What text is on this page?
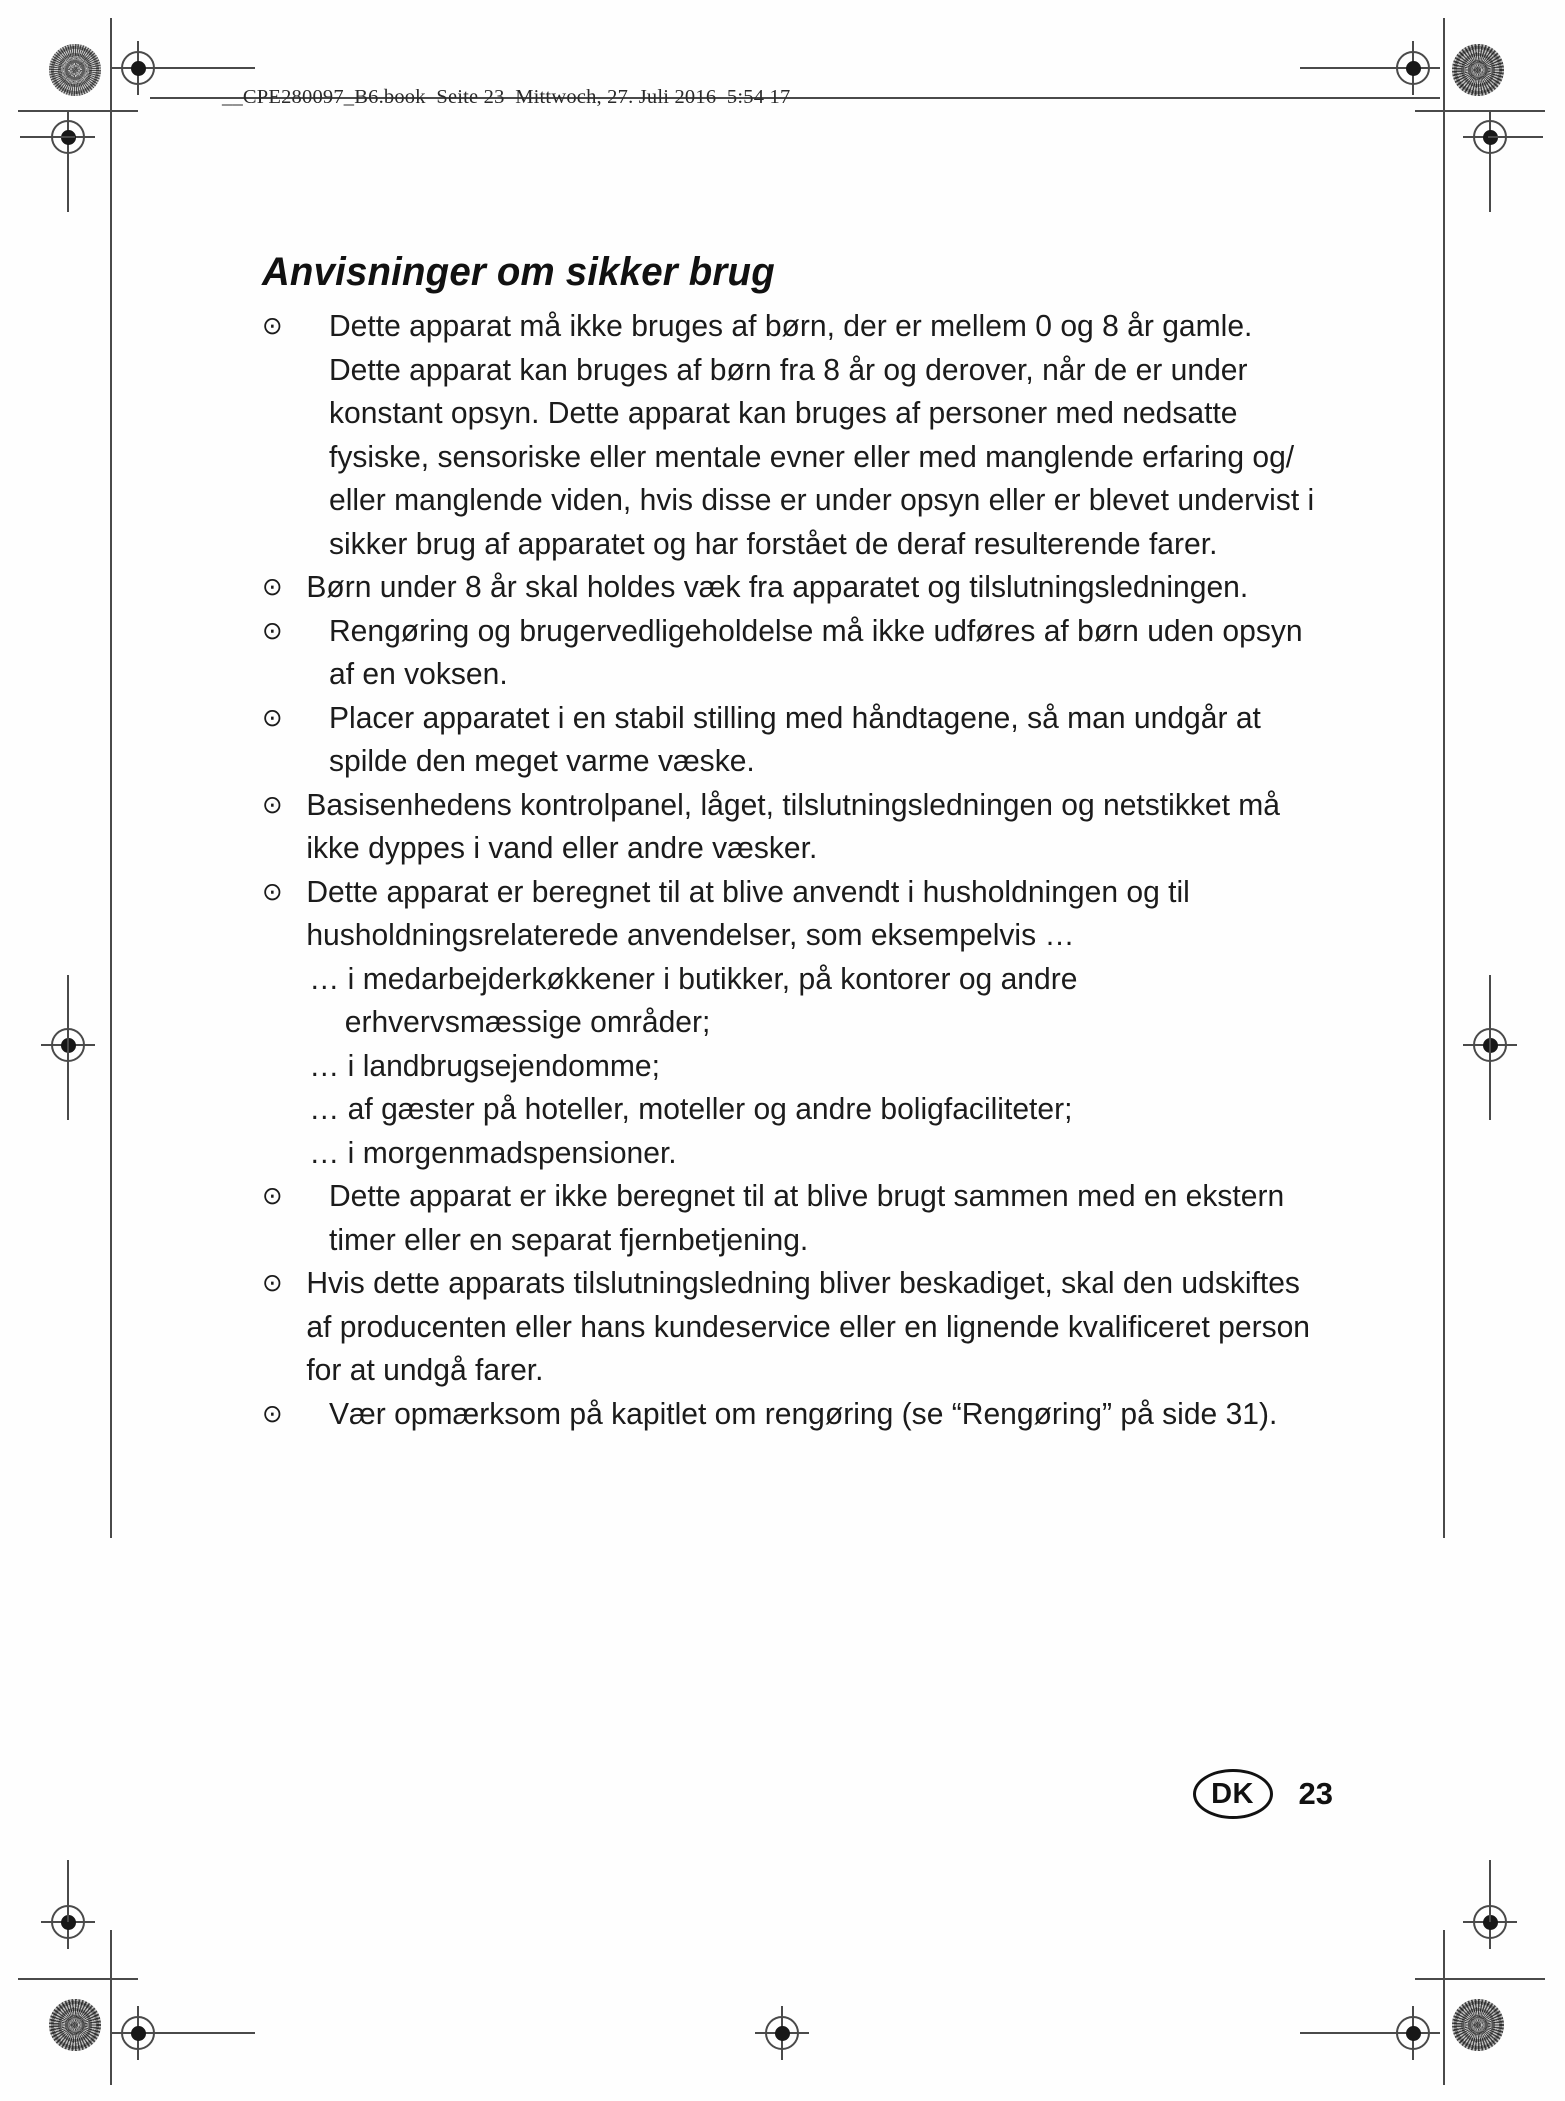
__CPE280097_B6.book  Seite 23  Mittwoch, 27. Juli 2016  5:54 17
Anvisninger om sikker brug
⊙	Dette apparat må ikke bruges af børn, der er mellem 0 og 8 år gamle. Dette apparat kan bruges af børn fra 8 år og derover, når de er under konstant opsyn. Dette apparat kan bruges af personer med nedsatte fysiske, sensoriske eller mentale evner eller med manglende erfaring og/ eller manglende viden, hvis disse er under opsyn eller er blevet undervist i sikker brug af apparatet og har forstået de deraf resulterende farer.
⊙ Børn under 8 år skal holdes væk fra apparatet og tilslutningsledningen.
⊙	Rengøring og brugervedligeholdelse må ikke udføres af børn uden opsyn af en voksen.
⊙	Placer apparatet i en stabil stilling med håndtagene, så man undgår at spilde den meget varme væske.
⊙ Basisenhedens kontrolpanel, låget, tilslutningsledningen og netstikket må ikke dyppes i vand eller andre væsker.
⊙ Dette apparat er beregnet til at blive anvendt i husholdningen og til husholdningsrelaterede anvendelser, som eksempelvis …
… i medarbejderkøkkener i butikker, på kontorer og andre erhvervsmæssige områder;
… i landbrugsejendomme;
… af gæster på hoteller, moteller og andre boligfaciliteter;
… i morgenmadspensioner.
⊙	Dette apparat er ikke beregnet til at blive brugt sammen med en ekstern timer eller en separat fjernbetjening.
⊙ Hvis dette apparats tilslutningsledning bliver beskadiget, skal den udskiftes af producenten eller hans kundeservice eller en lignende kvalificeret person for at undgå farer.
⊙	Vær opmærksom på kapitlet om rengøring (se “Rengøring” på side 31).
DK	23
